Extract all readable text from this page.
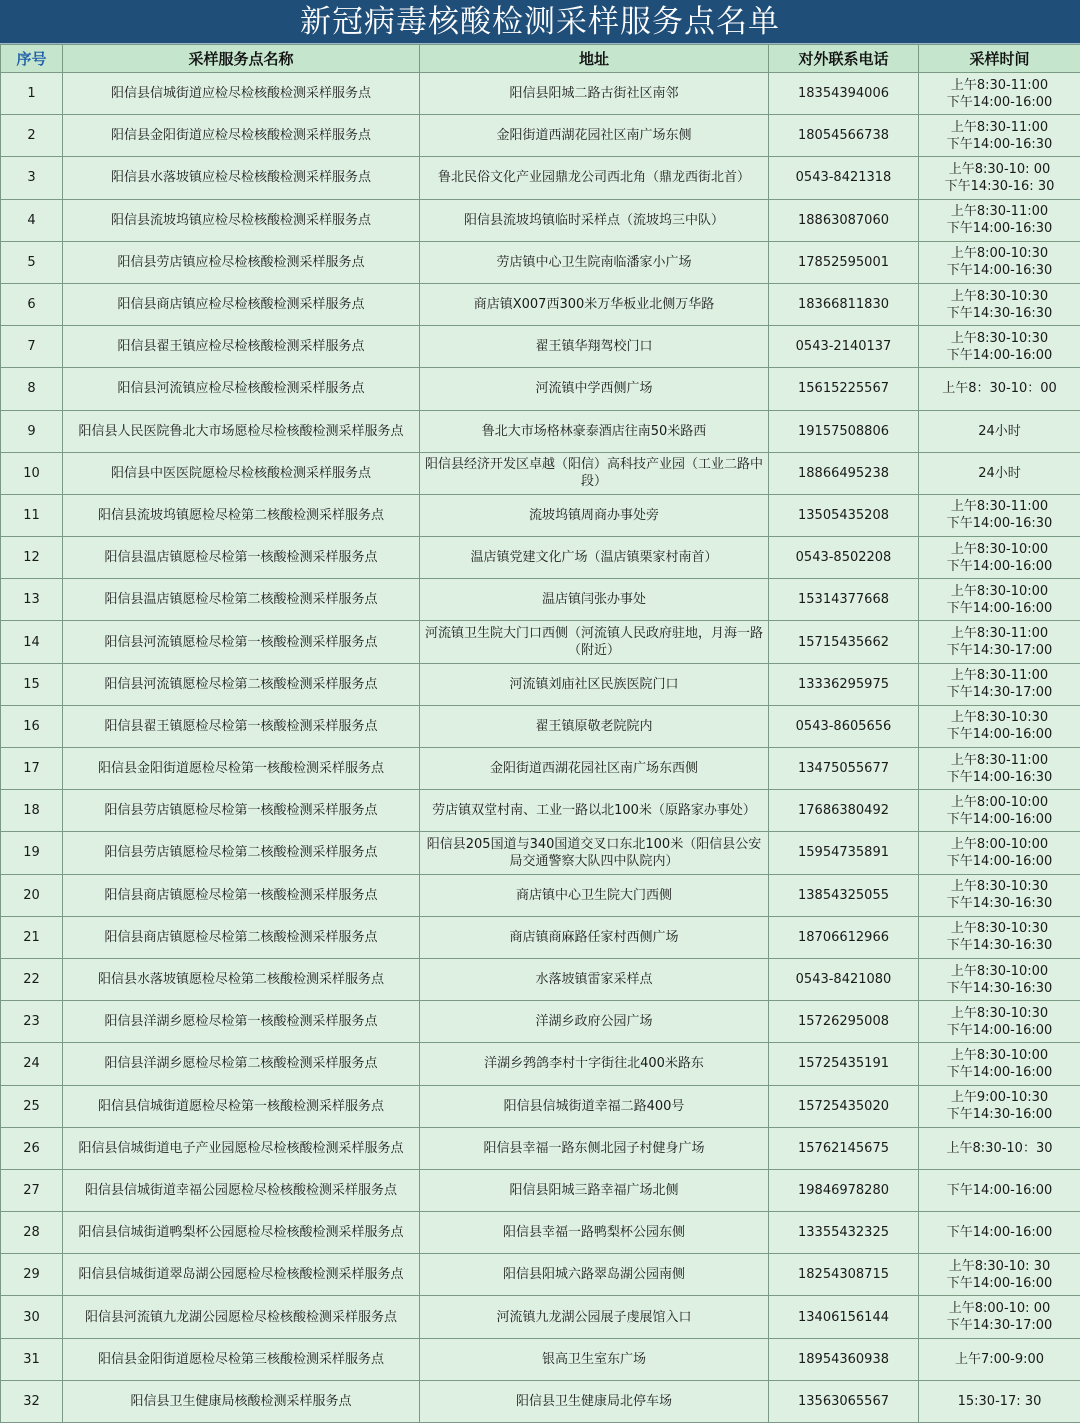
新冠病毒核酸检测采样服务点名单
序号	采样服务点名称	地址	对外联系电话	采样时间
1	阳信县信城街道应检尽检核酸检测采样服务点	阳信县阳城二路古街社区南邻	18354394006	上午8:30-11:00
下午14:00-16:00

2	阳信县金阳街道应检尽检核酸检测采样服务点	金阳街道西湖花园社区南广场东侧	18054566738	上午8:30-11:00
下午14:00-16:30

3	阳信县水落坡镇应检尽检核酸检测采样服务点	鲁北民俗文化产业园鼎龙公司西北角（鼎龙西街北首）	0543-8421318	上午8:30-10: 00
下午14:30-16: 30

4	阳信县流坡坞镇应检尽检核酸检测采样服务点	阳信县流坡坞镇临时采样点（流坡坞三中队）	18863087060	上午8:30-11:00
下午14:00-16:30

5	阳信县劳店镇应检尽检核酸检测采样服务点	劳店镇中心卫生院南临潘家小广场	17852595001	上午8:00-10:30
下午14:00-16:30

6	阳信县商店镇应检尽检核酸检测采样服务点	商店镇X007西300米万华板业北侧万华路	18366811830	上午8:30-10:30
下午14:30-16:30

7	阳信县翟王镇应检尽检核酸检测采样服务点	翟王镇华翔驾校门口	0543-2140137	上午8:30-10:30
下午14:00-16:00

8	阳信县河流镇应检尽检核酸检测采样服务点	河流镇中学西侧广场	15615225567	上午8：30-10：00

9	阳信县人民医院鲁北大市场愿检尽检核酸检测采样服务点	鲁北大市场格林豪泰酒店往南50米路西	19157508806	24小时

10	阳信县中医医院愿检尽检核酸检测采样服务点	阳信县经济开发区卓越（阳信）高科技产业园（工业二路中段）	18866495238	24小时

11	阳信县流坡坞镇愿检尽检第二核酸检测采样服务点	流坡坞镇周商办事处旁	13505435208	上午8:30-11:00
下午14:00-16:30

12	阳信县温店镇愿检尽检第一核酸检测采样服务点	温店镇党建文化广场（温店镇栗家村南首）	0543-8502208	上午8:30-10:00
下午14:00-16:00

13	阳信县温店镇愿检尽检第二核酸检测采样服务点	温店镇闫张办事处	15314377668	上午8:30-10:00
下午14:00-16:00

14	阳信县河流镇愿检尽检第一核酸检测采样服务点	河流镇卫生院大门口西侧（河流镇人民政府驻地，月海一路（附近）	15715435662	上午8:30-11:00
下午14:30-17:00

15	阳信县河流镇愿检尽检第二核酸检测采样服务点	河流镇刘庙社区民族医院门口	13336295975	上午8:30-11:00
下午14:30-17:00

16	阳信县翟王镇愿检尽检第一核酸检测采样服务点	翟王镇原敬老院院内	0543-8605656	上午8:30-10:30
下午14:00-16:00

17	阳信县金阳街道愿检尽检第一核酸检测采样服务点	金阳街道西湖花园社区南广场东西侧	13475055677	上午8:30-11:00
下午14:00-16:30

18	阳信县劳店镇愿检尽检第一核酸检测采样服务点	劳店镇双堂村南、工业一路以北100米（原路家办事处）	17686380492	上午8:00-10:00
下午14:00-16:00

19	阳信县劳店镇愿检尽检第二核酸检测采样服务点	阳信县205国道与340国道交叉口东北100米（阳信县公安局交通警察大队四中队院内）	15954735891	上午8:00-10:00
下午14:00-16:00

20	阳信县商店镇愿检尽检第一核酸检测采样服务点	商店镇中心卫生院大门西侧	13854325055	上午8:30-10:30
下午14:30-16:30

21	阳信县商店镇愿检尽检第二核酸检测采样服务点	商店镇商麻路任家村西侧广场	18706612966	上午8:30-10:30
下午14:30-16:30

22	阳信县水落坡镇愿检尽检第二核酸检测采样服务点	水落坡镇雷家采样点	0543-8421080	上午8:30-10:00
下午14:30-16:30

23	阳信县洋湖乡愿检尽检第一核酸检测采样服务点	洋湖乡政府公园广场	15726295008	上午8:30-10:30
下午14:00-16:00

24	阳信县洋湖乡愿检尽检第二核酸检测采样服务点	洋湖乡鹁鸽李村十字街往北400米路东	15725435191	上午8:30-10:00
下午14:00-16:00

25	阳信县信城街道愿检尽检第一核酸检测采样服务点	阳信县信城街道幸福二路400号	15725435020	上午9:00-10:30
下午14:30-16:00

26	阳信县信城街道电子产业园愿检尽检核酸检测采样服务点	阳信县幸福一路东侧北园子村健身广场	15762145675	上午8:30-10：30

27	阳信县信城街道幸福公园愿检尽检核酸检测采样服务点	阳信县阳城三路幸福广场北侧	19846978280	下午14:00-16:00

28	阳信县信城街道鸭梨杯公园愿检尽检核酸检测采样服务点	阳信县幸福一路鸭梨杯公园东侧	13355432325	下午14:00-16:00

29	阳信县信城街道翠岛湖公园愿检尽检核酸检测采样服务点	阳信县阳城六路翠岛湖公园南侧	18254308715	上午8:30-10: 30
下午14:00-16:00

30	阳信县河流镇九龙湖公园愿检尽检核酸检测采样服务点	河流镇九龙湖公园展子虔展馆入口	13406156144	上午8:00-10: 00
下午14:30-17:00

31	阳信县金阳街道愿检尽检第三核酸检测采样服务点	银高卫生室东广场	18954360938	上午7:00-9:00

32	阳信县卫生健康局核酸检测采样服务点	阳信县卫生健康局北停车场	13563065567	15:30-17: 30
